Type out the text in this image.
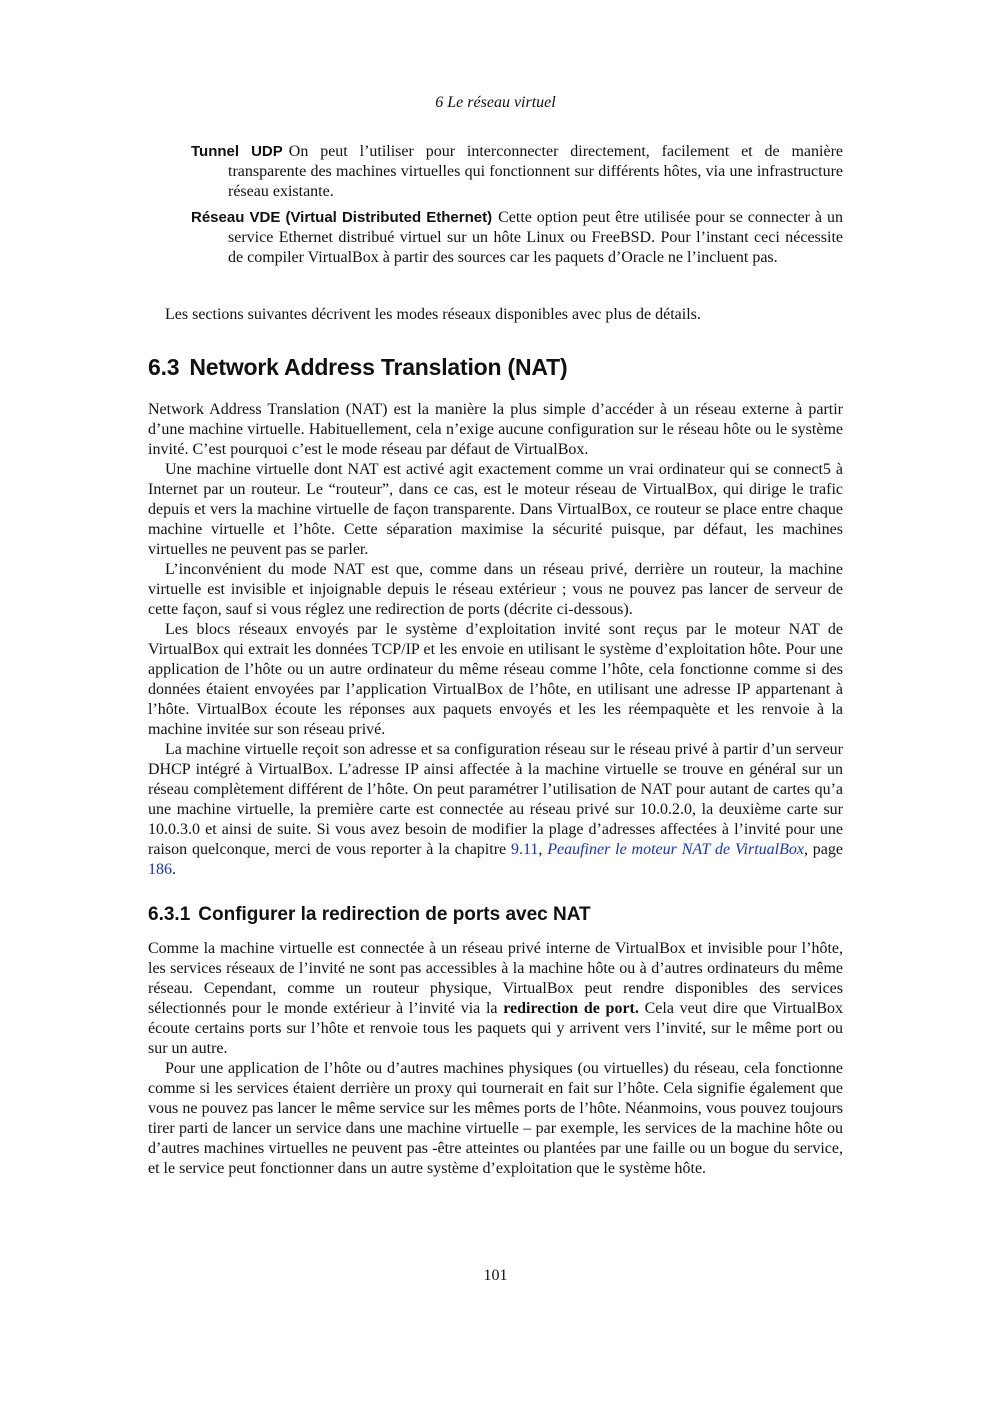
6 Le réseau virtuel

Tunnel UDP On peut l’utiliser pour interconnecter directement, facilement et de manière transparente des machines virtuelles qui fonctionnent sur différents hôtes, via une infrastructure réseau existante.

Réseau VDE (Virtual Distributed Ethernet) Cette option peut être utilisée pour se connecter à un service Ethernet distribué virtuel sur un hôte Linux ou FreeBSD. Pour l’instant ceci nécessite de compiler VirtualBox à partir des sources car les paquets d’Oracle ne l’incluent pas.

Les sections suivantes décrivent les modes réseaux disponibles avec plus de détails.

6.3 Network Address Translation (NAT)

Network Address Translation (NAT) est la manière la plus simple d’accéder à un réseau externe à partir d’une machine virtuelle. Habituellement, cela n’exige aucune configuration sur le réseau hôte ou le système invité. C’est pourquoi c’est le mode réseau par défaut de VirtualBox.

Une machine virtuelle dont NAT est activé agit exactement comme un vrai ordinateur qui se connect5 à Internet par un routeur. Le “routeur”, dans ce cas, est le moteur réseau de VirtualBox, qui dirige le trafic depuis et vers la machine virtuelle de façon transparente. Dans VirtualBox, ce routeur se place entre chaque machine virtuelle et l’hôte. Cette séparation maximise la sécurité puisque, par défaut, les machines virtuelles ne peuvent pas se parler.

L’inconvénient du mode NAT est que, comme dans un réseau privé, derrière un routeur, la machine virtuelle est invisible et injoignable depuis le réseau extérieur ; vous ne pouvez pas lancer de serveur de cette façon, sauf si vous réglez une redirection de ports (décrite ci-dessous).

Les blocs réseaux envoyés par le système d’exploitation invité sont reçus par le moteur NAT de VirtualBox qui extrait les données TCP/IP et les envoie en utilisant le système d’exploitation hôte. Pour une application de l’hôte ou un autre ordinateur du même réseau comme l’hôte, cela fonctionne comme si des données étaient envoyées par l’application VirtualBox de l’hôte, en utilisant une adresse IP appartenant à l’hôte. VirtualBox écoute les réponses aux paquets envoyés et les les réempaquète et les renvoie à la machine invitée sur son réseau privé.

La machine virtuelle reçoit son adresse et sa configuration réseau sur le réseau privé à partir d’un serveur DHCP intégré à VirtualBox. L’adresse IP ainsi affectée à la machine virtuelle se trouve en général sur un réseau complètement différent de l’hôte. On peut paramétrer l’utilisation de NAT pour autant de cartes qu’a une machine virtuelle, la première carte est connectée au réseau privé sur 10.0.2.0, la deuxième carte sur 10.0.3.0 et ainsi de suite. Si vous avez besoin de modifier la plage d’adresses affectées à l’invité pour une raison quelconque, merci de vous reporter à la chapitre 9.11, Peaufiner le moteur NAT de VirtualBox, page 186.

6.3.1 Configurer la redirection de ports avec NAT

Comme la machine virtuelle est connectée à un réseau privé interne de VirtualBox et invisible pour l’hôte, les services réseaux de l’invité ne sont pas accessibles à la machine hôte ou à d’autres ordinateurs du même réseau. Cependant, comme un routeur physique, VirtualBox peut rendre disponibles des services sélectionnés pour le monde extérieur à l’invité via la redirection de port. Cela veut dire que VirtualBox écoute certains ports sur l’hôte et renvoie tous les paquets qui y arrivent vers l’invité, sur le même port ou sur un autre.

Pour une application de l’hôte ou d’autres machines physiques (ou virtuelles) du réseau, cela fonctionne comme si les services étaient derrière un proxy qui tournerait en fait sur l’hôte. Cela signifie également que vous ne pouvez pas lancer le même service sur les mêmes ports de l’hôte. Néanmoins, vous pouvez toujours tirer parti de lancer un service dans une machine virtuelle – par exemple, les services de la machine hôte ou d’autres machines virtuelles ne peuvent pas -être atteintes ou plantées par une faille ou un bogue du service, et le service peut fonctionner dans un autre système d’exploitation que le système hôte.

101
